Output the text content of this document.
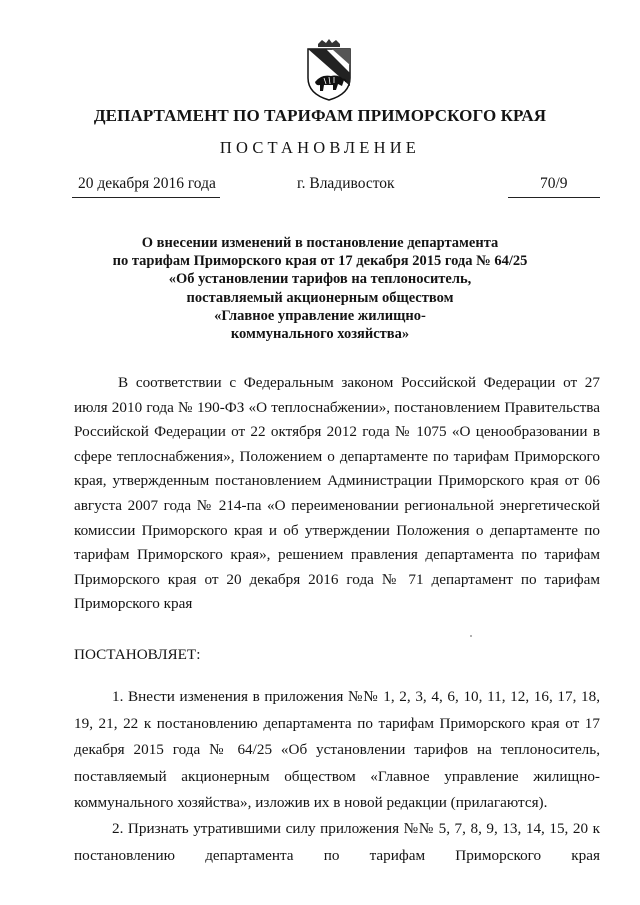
ДЕПАРТАМЕНТ ПО ТАРИФАМ ПРИМОРСКОГО КРАЯ
ПОСТАНОВЛЕНИЕ
20 декабря 2016 года	г. Владивосток	70/9
О внесении изменений в постановление департамента
по тарифам Приморского края от 17 декабря 2015 года № 64/25
«Об установлении тарифов на теплоноситель,
поставляемый акционерным обществом
«Главное управление жилищно-
коммунального хозяйства»
В соответствии с Федеральным законом Российской Федерации от 27 июля 2010 года № 190-ФЗ «О теплоснабжении», постановлением Правительства Российской Федерации от 22 октября 2012 года № 1075 «О ценообразовании в сфере теплоснабжения», Положением о департаменте по тарифам Приморского края, утвержденным постановлением Администрации Приморского края от 06 августа 2007 года № 214-па «О переименовании региональной энергетической комиссии Приморского края и об утверждении Положения о департаменте по тарифам Приморского края», решением правления департамента по тарифам Приморского края от 20 декабря 2016 года № 71 департамент по тарифам Приморского края
ПОСТАНОВЛЯЕТ:
1. Внести изменения в приложения №№ 1, 2, 3, 4, 6, 10, 11, 12, 16, 17, 18, 19, 21, 22 к постановлению департамента по тарифам Приморского края от 17 декабря 2015 года № 64/25 «Об установлении тарифов на теплоноситель, поставляемый акционерным обществом «Главное управление жилищно-коммунального хозяйства», изложив их в новой редакции (прилагаются).
2. Признать утратившими силу приложения №№ 5, 7, 8, 9, 13, 14, 15, 20 к постановлению департамента по тарифам Приморского края
